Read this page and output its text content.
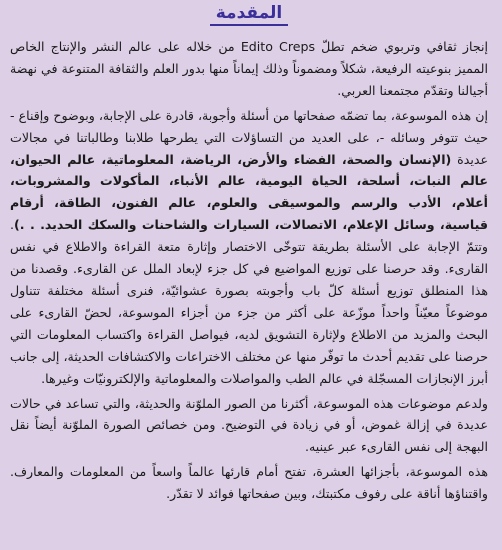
المقدمة

إنجاز ثقافي وتربوي ضخم تطلّ Edito Creps من خلاله على عالم النشر والإنتاج الخاص المميز بنوعيته الرفيعة، شكلاً ومضموناً وذلك إيماناً منها بدور العلم والثقافة المتنوعة في نهضة أجيالنا وتقدّم مجتمعنا العربي.

إن هذه الموسوعة، بما تضمّه صفحاتها من أسئلة وأجوبة، قادرة على الإجابة، وبوضوح وإقناع - حيث تتوفر وسائله -، على العديد من التساؤلات التي يطرحها طلابنا وطالباتنا في مجالات عديدة (الإنسان والصحة، الفضاء والأرض، الرياضة، المعلوماتية، عالم الحيوان، عالم النبات، أسلحة، الحياة اليومية، عالم الأنباء، المأكولات والمشروبات، أعلام، الأدب والرسم والموسيقى والعلوم، عالم الفنون، الطاقة، أرقام قياسية، وسائل الإعلام، الاتصالات، السيارات والشاحنات والسكك الحديد. . .). وتتمّ الإجابة على الأسئلة بطريقة تتوخّى الاختصار وإثارة متعة القراءة والاطلاع في نفس القارىء. وقد حرصنا على توزيع المواضيع في كل جزء لإبعاد الملل عن القارىء. وقصدنا من هذا المنطلق توزيع أسئلة كلّ باب وأجوبته بصورة عشوائيّة، فنرى أسئلة مختلفة تتناول موضوعاً معيّناً واحداً موزّعة على أكثر من جزء من أجزاء الموسوعة، لحضّ القارىء على البحث والمزيد من الاطلاع ولإثارة التشويق لديه، فيواصل القراءة واكتساب المعلومات التي حرصنا على تقديم أحدث ما توفّر منها عن مختلف الاختراعات والاكتشافات الحديثة، إلى جانب أبرز الإنجازات المسجّلة في عالم الطب والمواصلات والمعلوماتية والإلكترونيّات وغيرها.

ولدعم موضوعات هذه الموسوعة، أكثرنا من الصور الملوّنة والحديثة، والتي تساعد في حالات عديدة في إزالة غموض، أو في زيادة في التوضيح. ومن خصائص الصورة الملوّنة أيضاً نقل البهجة إلى نفس القارىء عبر عينيه.

هذه الموسوعة، بأجزائها العشرة، تفتح أمام قارئها عالماً واسعاً من المعلومات والمعارف. واقتناؤها أناقة على رفوف مكتبتك، وبين صفحاتها فوائد لا تقدّر.
